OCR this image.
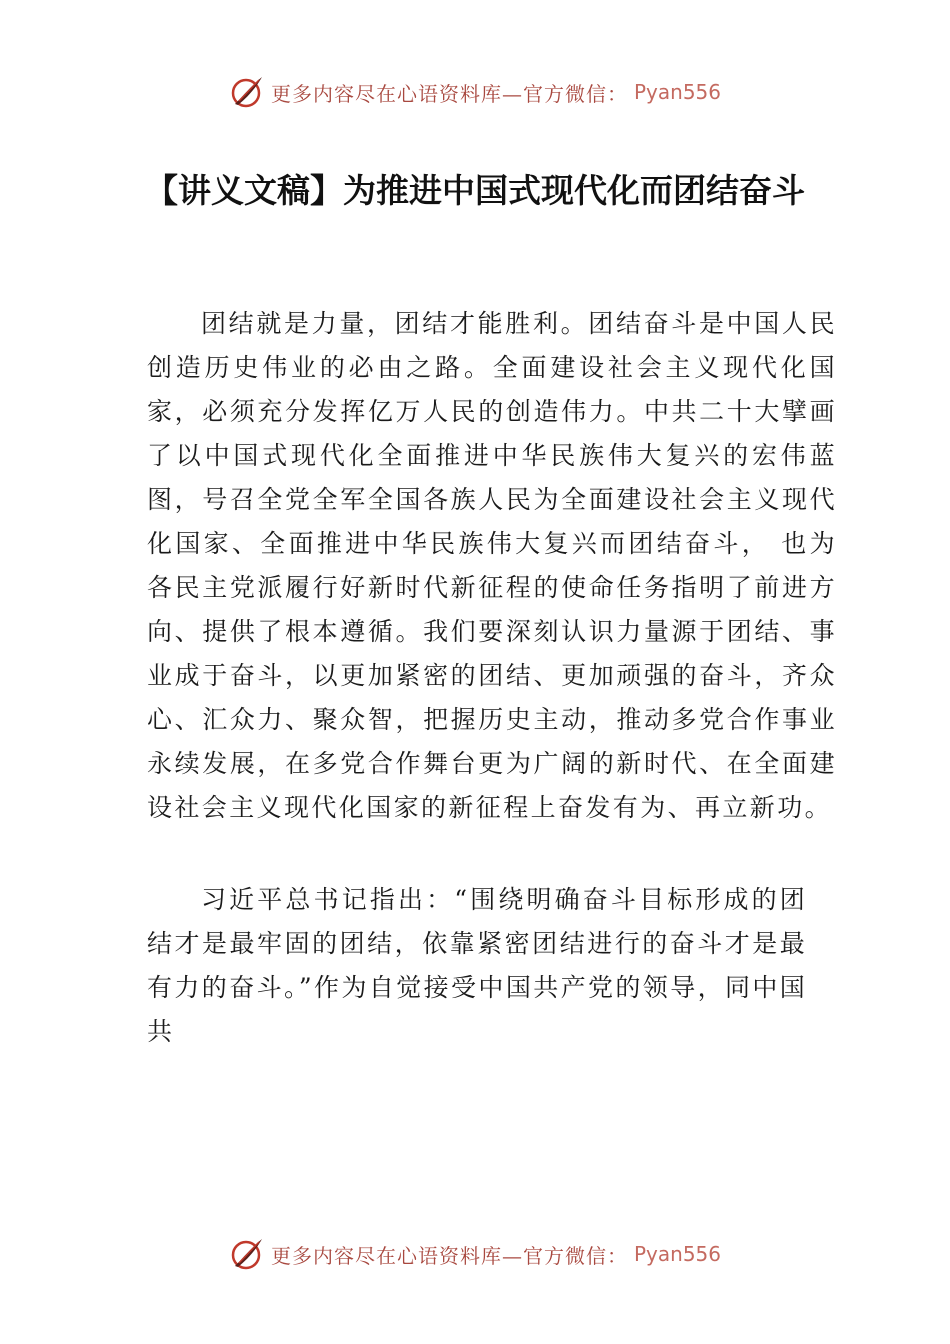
更多内容尽在心语资料库—官方微信： Pyan556
【讲义文稿】为推进中国式现代化而团结奋斗

团结就是力量，团结才能胜利。团结奋斗是中国人民创造历史伟业的必由之路。全面建设社会主义现代化国家，必须充分发挥亿万人民的创造伟力。中共二十大擘画了以中国式现代化全面推进中华民族伟大复兴的宏伟蓝图，号召全党全军全国各族人民为全面建设社会主义现代化国家、全面推进中华民族伟大复兴而团结奋斗， 也为各民主党派履行好新时代新征程的使命任务指明了前进方向、提供了根本遵循。我们要深刻认识力量源于团结、事业成于奋斗，以更加紧密的团结、更加顽强的奋斗，齐众心、汇众力、聚众智，把握历史主动，推动多党合作事业永续发展，在多党合作舞台更为广阔的新时代、在全面建设社会主义现代化国家的新征程上奋发有为、再立新功。

习近平总书记指出：“围绕明确奋斗目标形成的团结才是最牢固的团结，依靠紧密团结进行的奋斗才是最有力的奋斗。”作为自觉接受中国共产党的领导，同中国共

更多内容尽在心语资料库—官方微信： Pyan556
